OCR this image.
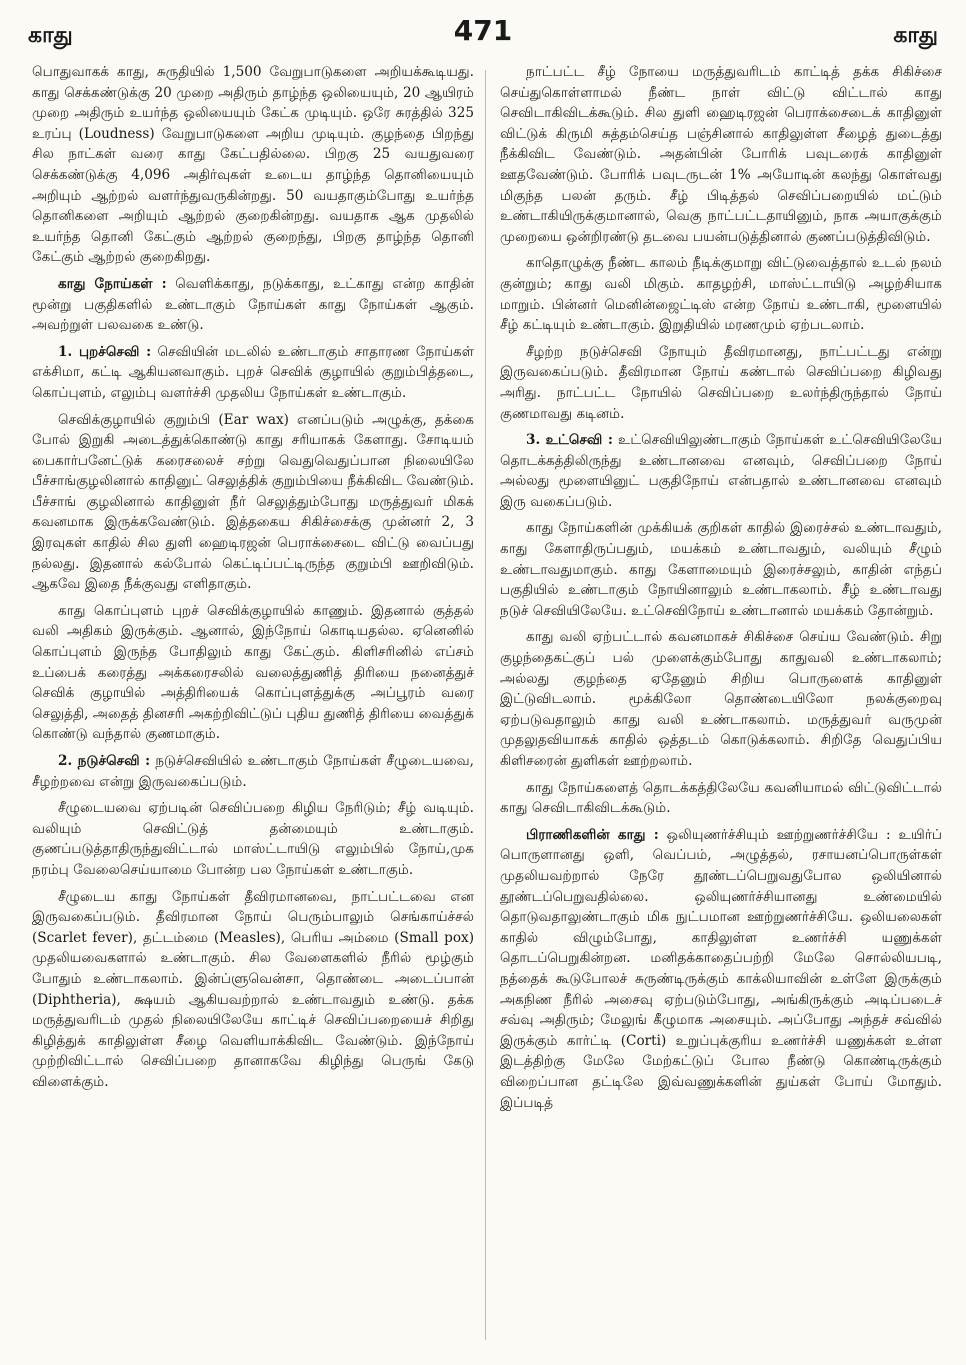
காது	471	காது

பொதுவாகக் காது, சுருதியில் 1,500 வேறுபாடுகளை அறியக்கூடியது. காது செக்கண்டுக்கு 20 முறை அதிரும் தாழ்ந்த ஒலியையும், 20 ஆயிரம் முறை அதிரும் உயர்ந்த ஒலியையும் கேட்க முடியும். ஒரே சுரத்தில் 325 உரப்பு (Loudness) வேறுபாடுகளை அறிய முடியும். குழந்தை பிறந்து சில நாட்கள் வரை காது கேட்பதில்லை. பிறகு 25 வயதுவரை செக்கண்டுக்கு 4,096 அதிர்வுகள் உடைய தாழ்ந்த தொனியையும் அறியும் ஆற்றல் வளர்ந்துவருகின்றது. 50 வயதாகும்போது உயர்ந்த தொனிகளை அறியும் ஆற்றல் குறைகின்றது. வயதாக ஆக முதலில் உயர்ந்த தொனி கேட்கும் ஆற்றல் குறைந்து, பிறகு தாழ்ந்த தொனி கேட்கும் ஆற்றல் குறைகிறது.

காது நோய்கள் : வெளிக்காது, நடுக்காது, உட்காது என்ற காதின் மூன்று பகுதிகளில் உண்டாகும் நோய்கள் காது நோய்கள் ஆகும். அவற்றுள் பலவகை உண்டு.

1. புறச்செவி : செவியின் மடலில் உண்டாகும் சாதாரண நோய்கள் எக்சிமா, கட்டி ஆகியனவாகும். புறச் செவிக் குழாயில் குறும்பித்தடை, கொப்புளம், எலும்பு வளர்ச்சி முதலிய நோய்கள் உண்டாகும்.

செவிக்குழாயில் குறும்பி (Ear wax) எனப்படும் அழுக்கு, தக்கை போல் இறுகி அடைத்துக்கொண்டு காது சரியாகக் கேளாது. சோடியம் பைகார்பனேட்டுக் கரைசலைச் சற்று வெதுவெதுப்பான நிலையிலே பீச்சாங்குழலினால் காதினுட் செலுத்திக் குறும்பியை நீக்கிவிட வேண்டும். பீச்சாங் குழலினால் காதினுள் நீர் செலுத்தும்போது மருத்துவர் மிகக் கவனமாக இருக்கவேண்டும். இத்தகைய சிகிச்சைக்கு முன்னர் 2, 3 இரவுகள் காதில் சில துளி ஹைடிரஜன் பெராக்சைடை விட்டு வைப்பது நல்லது. இதனால் கல்போல் கெட்டிப்பட்டிருந்த குறும்பி ஊறிவிடும். ஆகவே இதை நீக்குவது எளிதாகும்.

காது கொப்புளம் புறச் செவிக்குழாயில் காணும். இதனால் குத்தல் வலி அதிகம் இருக்கும். ஆனால், இந்நோய் கொடியதல்ல. ஏனெனில் கொப்புளம் இருந்த போதிலும் காது கேட்கும். கிளிசரினில் எப்சம் உப்பைக் கரைத்து அக்கரைசலில் வலைத்துணித் திரியை நனைத்துச் செவிக் குழாயில் அத்திரியைக் கொப்புளத்துக்கு அப்பூரம் வரை செலுத்தி, அதைத் தினசரி அகற்றிவிட்டுப் புதிய துணித் திரியை வைத்துக் கொண்டு வந்தால் குணமாகும்.

2. நடுச்செவி : நடுச்செவியில் உண்டாகும் நோய்கள் சீழுடையவை, சீழற்றவை என்று இருவகைப்படும்.

சீழுடையவை ஏற்படின் செவிப்பறை கிழிய நேரிடும்; சீழ் வடியும். வலியும் செவிட்டுத் தன்மையும் உண்டாகும். குணப்படுத்தாதிருந்துவிட்டால் மாஸ்ட்டாயிடு எலும்பில் நோய்,முக நரம்பு வேலைசெய்யாமை போன்ற பல நோய்கள் உண்டாகும்.

சீழுடைய காது நோய்கள் தீவிரமானவை, நாட்பட்டவை என இருவகைப்படும். தீவிரமான நோய் பெரும்பாலும் செங்காய்ச்சல் (Scarlet fever), தட்டம்மை (Measles), பெரிய அம்மை (Small pox) முதலியவைகளால் உண்டாகும். சில வேளைகளில் நீரில் மூழ்கும் போதும் உண்டாகலாம். இன்ப்ளுவென்சா, தொண்டை அடைப்பான் (Diphtheria), க்ஷயம் ஆகியவற்றால் உண்டாவதும் உண்டு. தக்க மருத்துவரிடம் முதல் நிலையிலேயே காட்டிச் செவிப்பறையைச் சிறிது கிழித்துக் காதிலுள்ள சீழை வெளியாக்கிவிட வேண்டும். இந்நோய் முற்றிவிட்டால் செவிப்பறை தானாகவே கிழிந்து பெருங் கேடு விளைக்கும்.

நாட்பட்ட சீழ் நோயை மருத்துவரிடம் காட்டித் தக்க சிகிச்சை செய்துகொள்ளாமல் நீண்ட நாள் விட்டு விட்டால் காது செவிடாகிவிடக்கூடும். சில துளி ஹைடிரஜன் பெராக்சைடைக் காதினுள் விட்டுக் கிருமி சுத்தம்செய்த பஞ்சினால் காதிலுள்ள சீழைத் துடைத்து நீக்கிவிட வேண்டும். அதன்பின் போரிக் பவுடரைக் காதினுள் ஊதவேண்டும். போரிக் பவுடருடன் 1% அயோடின் கலந்து கொள்வது மிகுந்த பலன் தரும். சீழ் பிடித்தல் செவிப்பறையில் மட்டும் உண்டாகியிருக்குமானால், வெகு நாட்பட்டதாயினும், நாக அயாகுக்கும் முறையை ஒன்றிரண்டு தடவை பயன்படுத்தினால் குணப்படுத்திவிடும்.

காதொழுக்கு நீண்ட காலம் நீடிக்குமாறு விட்டுவைத்தால் உடல் நலம் குன்றும்; காது வலி மிகும். காதழற்சி, மாஸ்ட்டாயிடு அழற்சியாக மாறும். பின்னர் மெனின்ஜைட்டிஸ் என்ற நோய் உண்டாகி, மூளையில் சீழ் கட்டியும் உண்டாகும். இறுதியில் மரணமும் ஏற்படலாம்.

சீழற்ற நடுச்செவி நோயும் தீவிரமானது, நாட்பட்டது என்று இருவகைப்படும். தீவிரமான நோய் கண்டால் செவிப்பறை கிழிவது அரிது. நாட்பட்ட நோயில் செவிப்பறை உலர்ந்திருந்தால் நோய் குணமாவது கடினம்.

3. உட்செவி : உட்செவியிலுண்டாகும் நோய்கள் உட்செவியிலேயே தொடக்கத்திலிருந்து உண்டானவை எனவும், செவிப்பறை நோய் அல்லது மூளையினுட் பகுதிநோய் என்பதால் உண்டானவை எனவும் இரு வகைப்படும்.

காது நோய்களின் முக்கியக் குறிகள் காதில் இரைச்சல் உண்டாவதும், காது கேளாதிருப்பதும், மயக்கம் உண்டாவதும், வலியும் சீழும் உண்டாவதுமாகும். காது கேளாமையும் இரைச்சலும், காதின் எந்தப் பகுதியில் உண்டாகும் நோயினாலும் உண்டாகலாம். சீழ் உண்டாவது நடுச் செவியிலேயே. உட்செவிநோய் உண்டானால் மயக்கம் தோன்றும்.

காது வலி ஏற்பட்டால் கவனமாகச் சிகிச்சை செய்ய வேண்டும். சிறு குழந்தைகட்குப் பல் முளைக்கும்போது காதுவலி உண்டாகலாம்; அல்லது குழந்தை ஏதேனும் சிறிய பொருளைக் காதினுள் இட்டுவிடலாம். மூக்கிலோ தொண்டையிலோ நலக்குறைவு ஏற்படுவதாலும் காது வலி உண்டாகலாம். மருத்துவர் வருமுன் முதலுதவியாகக் காதில் ஒத்தடம் கொடுக்கலாம். சிறிதே வெதுப்பிய கிளிசரைன் துளிகள் ஊற்றலாம்.

காது நோய்களைத் தொடக்கத்திலேயே கவனியாமல் விட்டுவிட்டால் காது செவிடாகிவிடக்கூடும்.

பிராணிகளின் காது : ஒலியுணர்ச்சியும் ஊற்றுணர்ச்சியே : உயிர்ப் பொருளானது ஒளி, வெப்பம், அழுத்தல், ரசாயனப்பொருள்கள் முதலியவற்றால் நேரே தூண்டப்பெறுவதுபோல ஒலியினால் தூண்டப்பெறுவதில்லை. ஒலியுணர்ச்சியானது உண்மையில் தொடுவதாலுண்டாகும் மிக நுட்பமான ஊற்றுணர்ச்சியே. ஒலியலைகள் காதில் விழும்போது, காதிலுள்ள உணர்ச்சி யணுக்கள் தொடப்பெறுகின்றன. மனிதக்காதைப்பற்றி மேலே சொல்லியபடி, நத்தைக் கூடுபோலச் சுருண்டிருக்கும் காக்லியாவின் உள்ளே இருக்கும் அகநிண நீரில் அசைவு ஏற்படும்போது, அங்கிருக்கும் அடிப்படைச் சவ்வு அதிரும்; மேலுங் கீழுமாக அசையும். அப்போது அந்தச் சவ்வில் இருக்கும் கார்ட்டி (Corti) உறுப்புக்குரிய உணர்ச்சி யணுக்கள் உள்ள இடத்திற்கு மேலே மேற்கட்டுப் போல நீண்டு கொண்டிருக்கும் விறைப்பான தட்டிலே இவ்வணுக்களின் துய்கள் போய் மோதும். இப்படித்
